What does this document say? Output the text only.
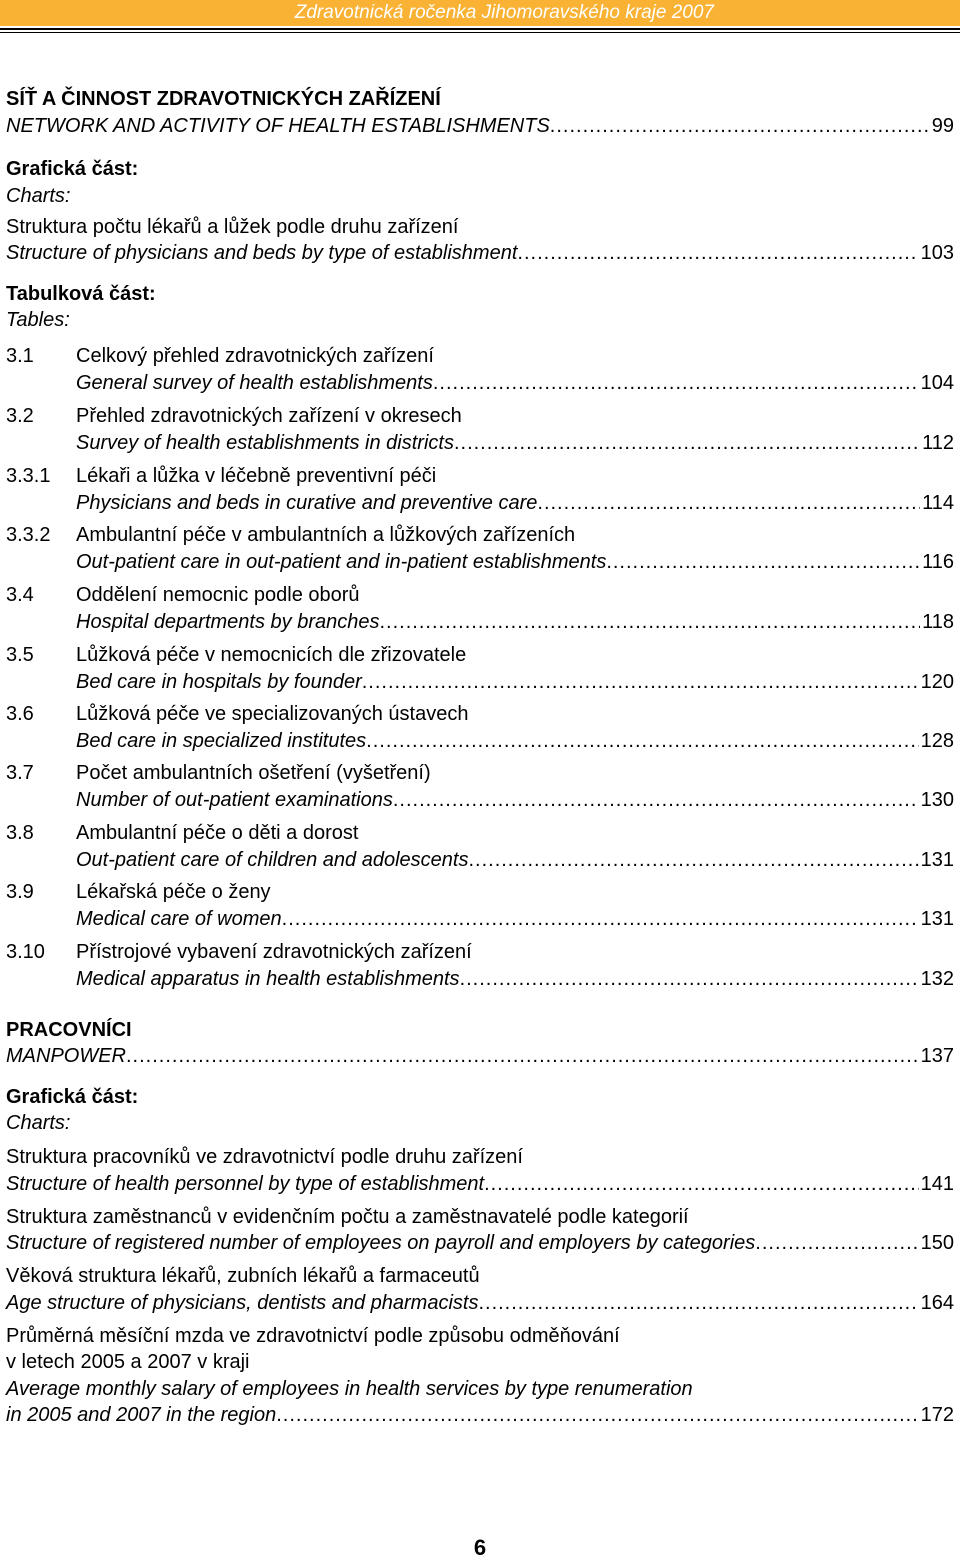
Zdravotnická ročenka Jihomoravského kraje 2007
SÍŤ A ČINNOST ZDRAVOTNICKÝCH ZAŘÍZENÍ
NETWORK AND ACTIVITY OF HEALTH ESTABLISHMENTS .....	99
Grafická část:
Charts:
Struktura počtu lékařů a lůžek podle druhu zařízení
Structure of physicians and beds by type of establishment .....	103
Tabulková část:
Tables:
3.1	Celkový přehled zdravotnických zařízení
General survey of health establishments .....	104
3.2	Přehled zdravotnických zařízení v okresech
Survey of health establishments in districts .....	112
3.3.1	Lékaři a lůžka v léčebně preventivní péči
Physicians and beds in curative and preventive care .....	114
3.3.2	Ambulantní péče v ambulantních a lůžkových zařízeních
Out-patient care in out-patient and in-patient establishments .....	116
3.4	Oddělení nemocnic podle oborů
Hospital departments by branches .....	118
3.5	Lůžková péče v nemocnicích dle zřizovatele
Bed care in hospitals by founder .....	120
3.6	Lůžková péče ve specializovaných ústavech
Bed care in specialized institutes .....	128
3.7	Počet ambulantních ošetření (vyšetření)
Number of out-patient examinations .....	130
3.8	Ambulantní péče o děti a dorost
Out-patient care of children and adolescents .....	131
3.9	Lékařská péče o ženy
Medical care of women .....	131
3.10	Přístrojové vybavení zdravotnických zařízení
Medical apparatus in health establishments .....	132
PRACOVNÍCI
MANPOWER .....	137
Grafická část:
Charts:
Struktura pracovníků ve zdravotnictví podle druhu zařízení
Structure of health personnel by type of establishment .....	141
Struktura zaměstnanců v evidenčním počtu a zaměstnavatelé podle kategorií
Structure of registered number of employees on payroll and employers by categories .....	150
Věková struktura lékařů, zubních lékařů a farmaceutů
Age structure of physicians, dentists and pharmacists .....	164
Průměrná měsíční mzda ve zdravotnictví podle způsobu odměňování
v letech 2005 a 2007 v kraji
Average monthly salary of employees in health services by type renumeration
in 2005 and 2007 in the region .....	172
6
